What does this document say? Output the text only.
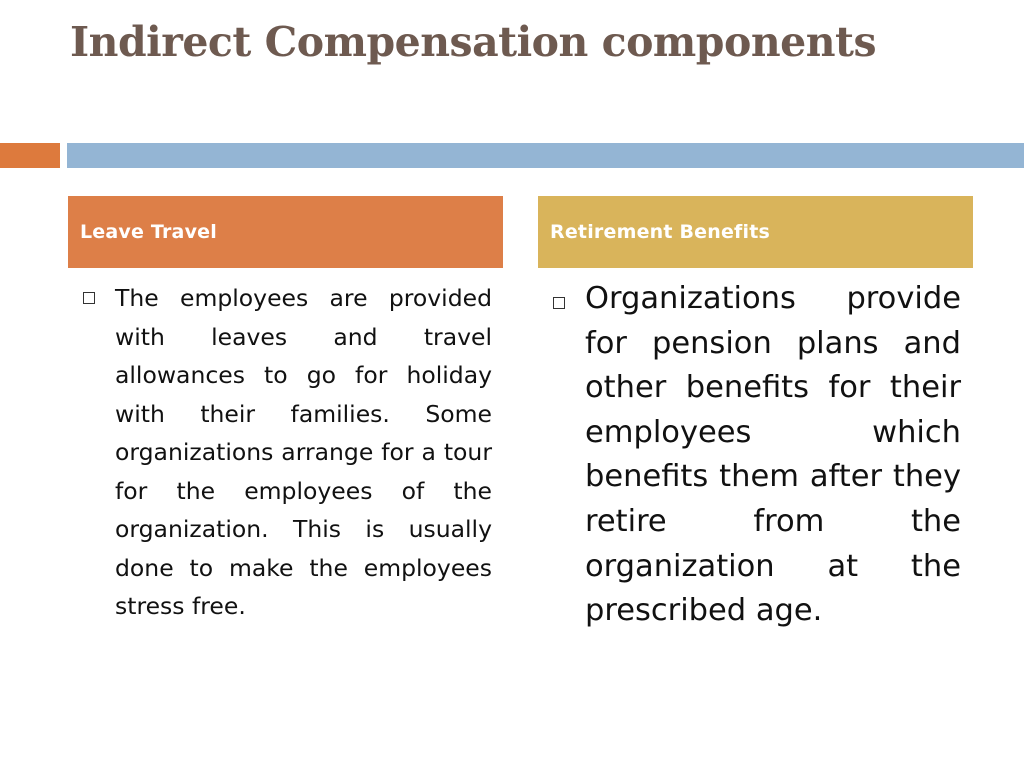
Indirect Compensation components
Leave Travel	Retirement Benefits

The employees are provided with leaves and travel allowances to go for holiday with their families. Some organizations arrange for a tour for the employees of the organization. This is usually done to make the employees stress free.

Organizations provide for pension plans and other benefits for their employees which benefits them after they retire from the organization at the prescribed age.
